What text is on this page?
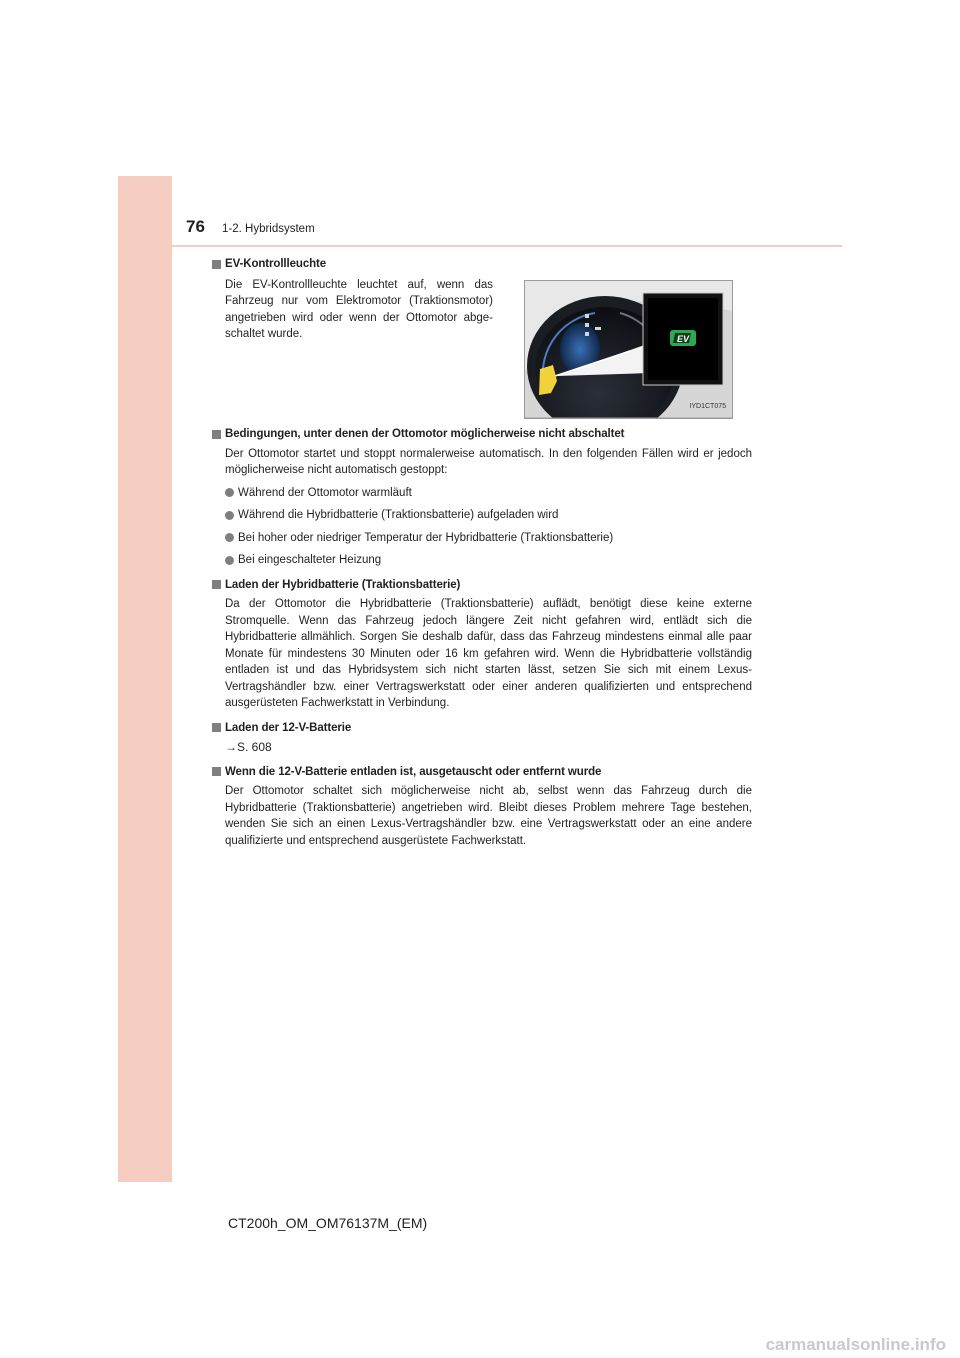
76 1-2. Hybridsystem

EV-Kontrollleuchte

Die EV-Kontrollleuchte leuchtet auf, wenn das Fahrzeug nur vom Elektromotor (Traktionsmotor) angetrieben wird oder wenn der Ottomotor abge-schaltet wurde.	EV
IYD1CT075

Bedingungen, unter denen der Ottomotor möglicherweise nicht abschaltet

Der Ottomotor startet und stoppt normalerweise automatisch. In den folgenden Fällen wird er jedoch möglicherweise nicht automatisch gestoppt:

Während der Ottomotor warmläuft
Während die Hybridbatterie (Traktionsbatterie) aufgeladen wird
Bei hoher oder niedriger Temperatur der Hybridbatterie (Traktionsbatterie)
Bei eingeschalteter Heizung

Laden der Hybridbatterie (Traktionsbatterie)

Da der Ottomotor die Hybridbatterie (Traktionsbatterie) auflädt, benötigt diese keine externe Stromquelle. Wenn das Fahrzeug jedoch längere Zeit nicht gefahren wird, entlädt sich die Hybridbatterie allmählich. Sorgen Sie deshalb dafür, dass das Fahrzeug mindestens einmal alle paar Monate für mindestens 30 Minuten oder 16 km gefahren wird. Wenn die Hybridbatterie vollständig entladen ist und das Hybridsystem sich nicht starten lässt, setzen Sie sich mit einem Lexus-Vertragshändler bzw. einer Vertragswerkstatt oder einer anderen qualifizierten und entsprechend ausgerüsteten Fachwerkstatt in Verbindung.

Laden der 12-V-Batterie

→S. 608

Wenn die 12-V-Batterie entladen ist, ausgetauscht oder entfernt wurde

Der Ottomotor schaltet sich möglicherweise nicht ab, selbst wenn das Fahrzeug durch die Hybridbatterie (Traktionsbatterie) angetrieben wird. Bleibt dieses Problem mehrere Tage bestehen, wenden Sie sich an einen Lexus-Vertragshändler bzw. eine Vertragswerkstatt oder an eine andere qualifizierte und entsprechend ausgerüstete Fachwerkstatt.

CT200h_OM_OM76137M_(EM)
carmanualsonline.info
